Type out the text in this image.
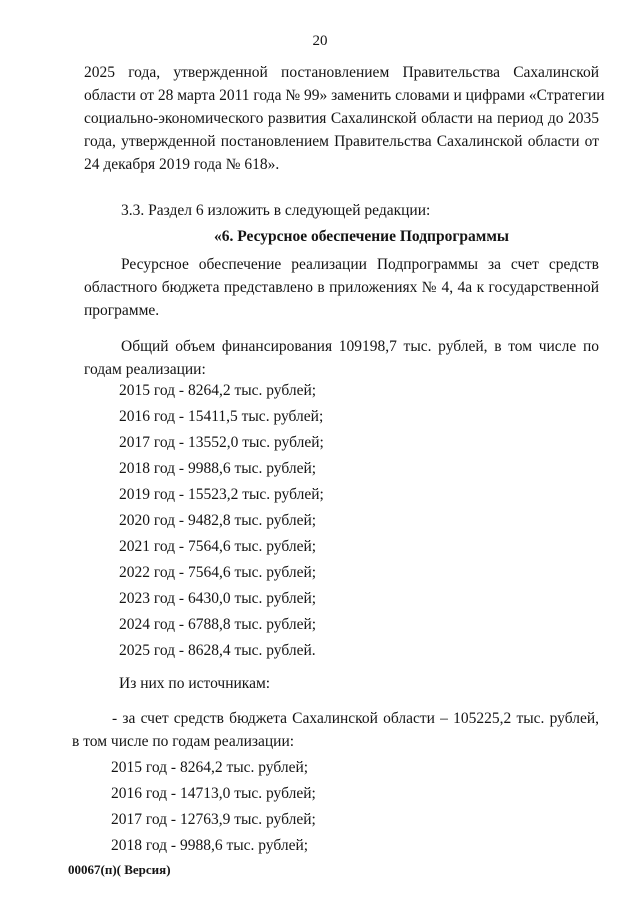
20
2025 года, утвержденной постановлением Правительства Сахалинской
области от 28 марта 2011 года № 99» заменить словами и цифрами «Стратегии
социально-экономического развития Сахалинской области на период до 2035
года, утвержденной постановлением Правительства Сахалинской области от
24 декабря 2019 года № 618».
3.3. Раздел 6 изложить в следующей редакции:
«6. Ресурсное обеспечение Подпрограммы
Ресурсное обеспечение реализации Подпрограммы за счет средств
областного бюджета представлено в приложениях № 4, 4а к государственной
программе.
Общий объем финансирования 109198,7 тыс. рублей, в том числе по
годам реализации:
2015 год - 8264,2 тыс. рублей;
2016 год - 15411,5 тыс. рублей;
2017 год - 13552,0 тыс. рублей;
2018 год - 9988,6 тыс. рублей;
2019 год - 15523,2 тыс. рублей;
2020 год - 9482,8 тыс. рублей;
2021 год - 7564,6 тыс. рублей;
2022 год - 7564,6 тыс. рублей;
2023 год - 6430,0 тыс. рублей;
2024 год - 6788,8 тыс. рублей;
2025 год - 8628,4 тыс. рублей.
Из них по источникам:
- за счет средств бюджета Сахалинской области – 105225,2 тыс. рублей,
в том числе по годам реализации:
2015 год - 8264,2 тыс. рублей;
2016 год - 14713,0 тыс. рублей;
2017 год - 12763,9 тыс. рублей;
2018 год - 9988,6 тыс. рублей;
00067(п)( Версия)
